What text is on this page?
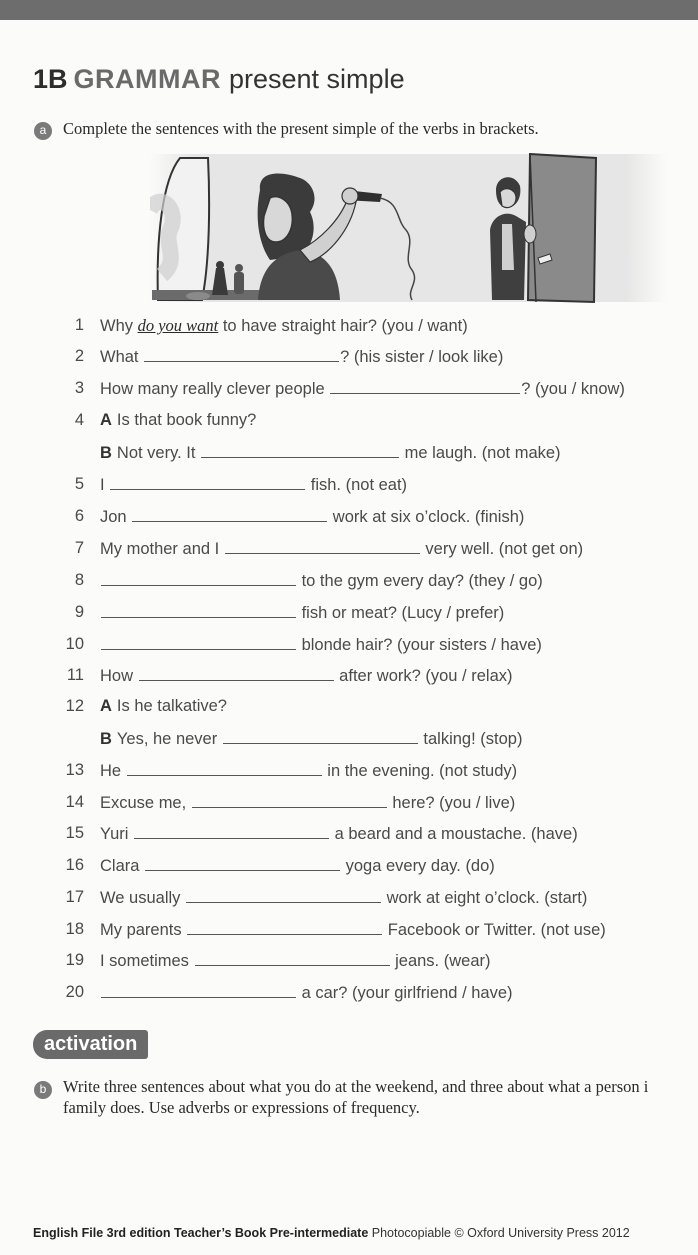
1B GRAMMAR present simple
a	Complete the sentences with the present simple of the verbs in brackets.
1 Why do you want to have straight hair? (you / want)
2 What	? (his sister / look like)
3 How many really clever people	? (you / know)
4 A Is that book funny?
B Not very. It	me laugh. (not make)
5 I	fish. (not eat)
6 Jon	work at six o’clock. (finish)
7 My mother and I	very well. (not get on)
8	to the gym every day? (they / go)
9	fish or meat? (Lucy / prefer)
10	blonde hair? (your sisters / have)
11 How	after work? (you / relax)
12 A Is he talkative?
B Yes, he never	talking! (stop)
13 He	in the evening. (not study)
14 Excuse me,	here? (you / live)
15 Yuri	a beard and a moustache. (have)
16 Clara	yoga every day. (do)
17 We usually	work at eight o’clock. (start)
18 My parents	Facebook or Twitter. (not use)
19 I sometimes	jeans. (wear)
20	a car? (your girlfriend / have)
activation
b	Write three sentences about what you do at the weekend, and three about what a person i
family does. Use adverbs or expressions of frequency.
English File 3rd edition Teacher’s Book Pre-intermediate Photocopiable © Oxford University Press 2012
